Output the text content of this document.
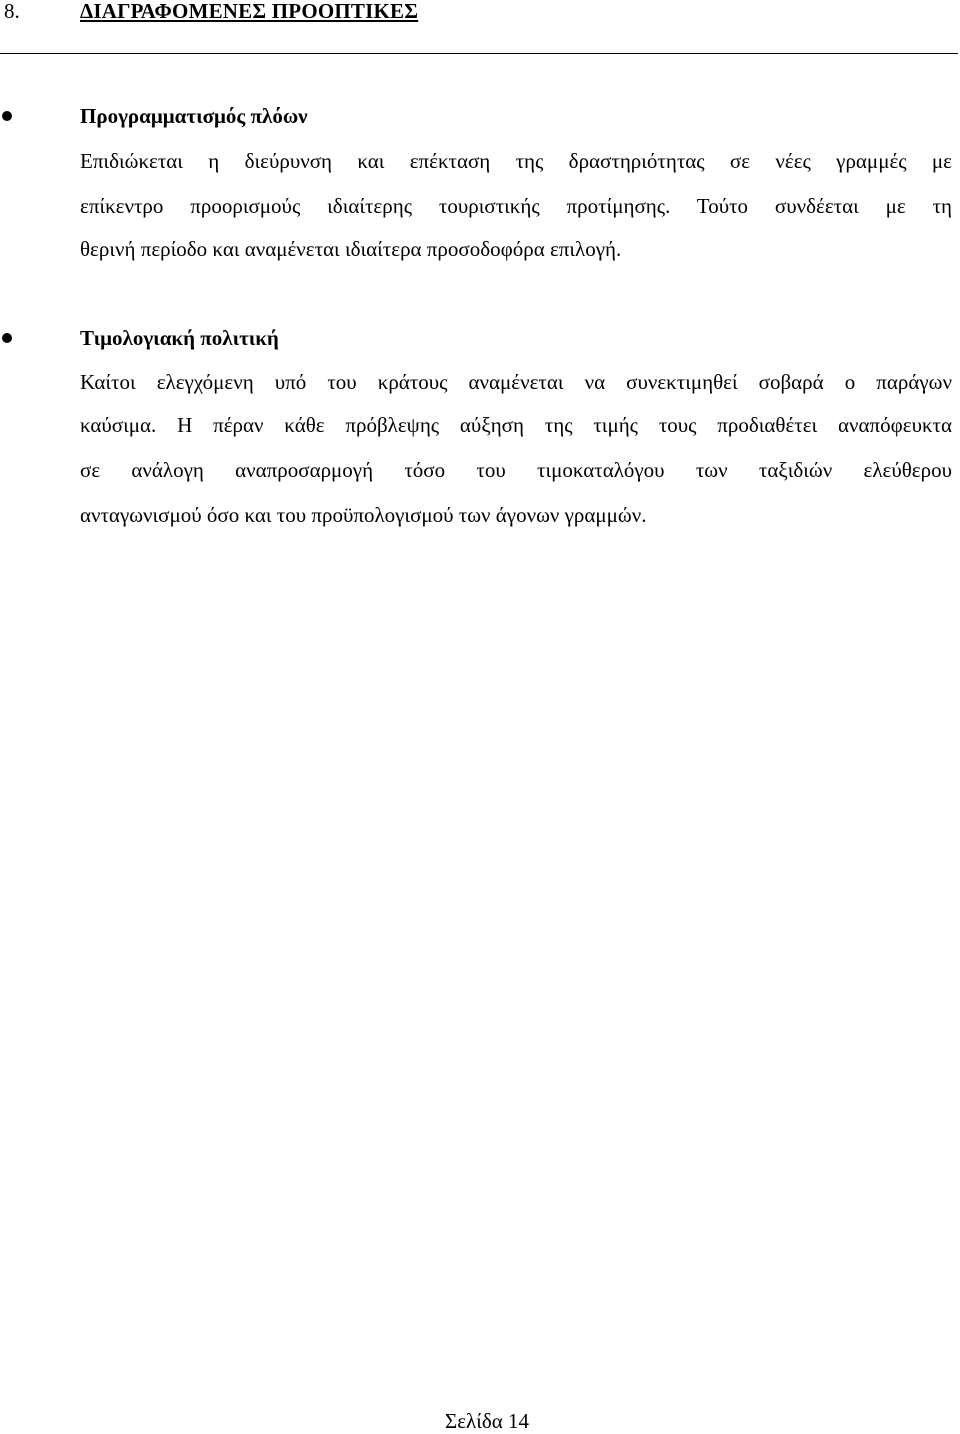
8.	ΔΙΑΓΡΑΦΟΜΕΝΕΣ ΠΡΟΟΠΤΙΚΕΣ
Προγραμματισμός πλόων
Επιδιώκεται η διεύρυνση και επέκταση της δραστηριότητας σε νέες γραμμές με
επίκεντρο προορισμούς ιδιαίτερης τουριστικής προτίμησης. Τούτο συνδέεται με τη
θερινή περίοδο και αναμένεται ιδιαίτερα προσοδοφόρα επιλογή.
Τιμολογιακή πολιτική
Καίτοι ελεγχόμενη υπό του κράτους αναμένεται να συνεκτιμηθεί σοβαρά ο παράγων
καύσιμα. Η πέραν κάθε πρόβλεψης αύξηση της τιμής τους προδιαθέτει αναπόφευκτα
σε ανάλογη αναπροσαρμογή τόσο του τιμοκαταλόγου των ταξιδιών ελεύθερου
ανταγωνισμού όσο και του προϋπολογισμού των άγονων γραμμών.
Σελίδα 14
